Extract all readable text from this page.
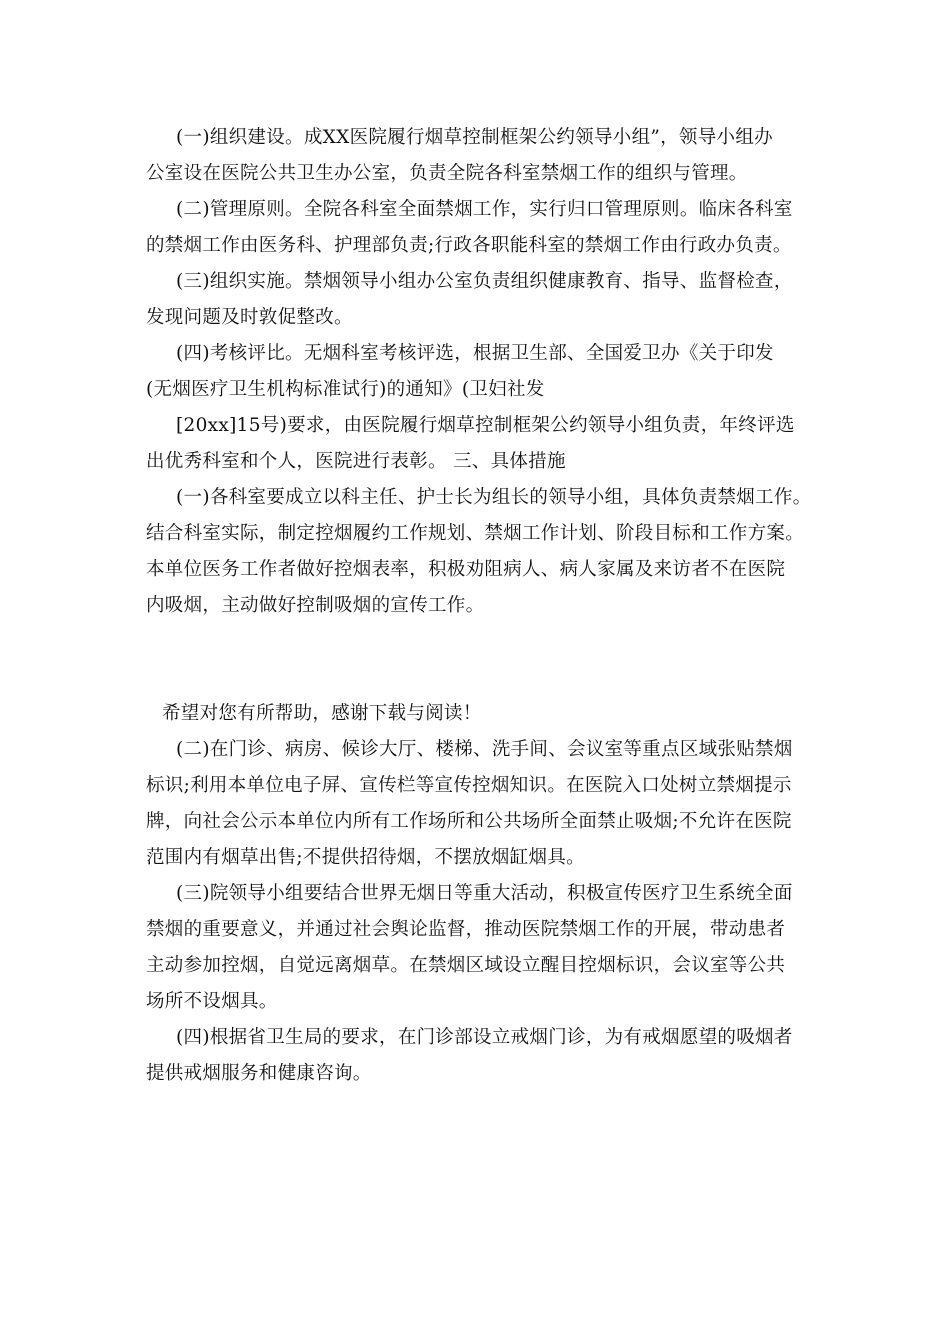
(一)组织建设。成XX医院履行烟草控制框架公约领导小组”，领导小组办
公室设在医院公共卫生办公室，负责全院各科室禁烟工作的组织与管理。
(二)管理原则。全院各科室全面禁烟工作，实行归口管理原则。临床各科室
的禁烟工作由医务科、护理部负责;行政各职能科室的禁烟工作由行政办负责。
(三)组织实施。禁烟领导小组办公室负责组织健康教育、指导、监督检查，
发现问题及时敦促整改。
(四)考核评比。无烟科室考核评选，根据卫生部、全国爱卫办《关于印发
(无烟医疗卫生机构标准试行)的通知》(卫妇社发
[20xx]15号)要求，由医院履行烟草控制框架公约领导小组负责，年终评选
出优秀科室和个人，医院进行表彰。 三、具体措施
(一)各科室要成立以科主任、护士长为组长的领导小组，具体负责禁烟工作。
结合科室实际，制定控烟履约工作规划、禁烟工作计划、阶段目标和工作方案。
本单位医务工作者做好控烟表率，积极劝阻病人、病人家属及来访者不在医院
内吸烟，主动做好控制吸烟的宣传工作。
希望对您有所帮助，感谢下载与阅读！
(二)在门诊、病房、候诊大厅、楼梯、洗手间、会议室等重点区域张贴禁烟
标识;利用本单位电子屏、宣传栏等宣传控烟知识。在医院入口处树立禁烟提示
牌，向社会公示本单位内所有工作场所和公共场所全面禁止吸烟;不允许在医院
范围内有烟草出售;不提供招待烟，不摆放烟缸烟具。
(三)院领导小组要结合世界无烟日等重大活动，积极宣传医疗卫生系统全面
禁烟的重要意义，并通过社会舆论监督，推动医院禁烟工作的开展，带动患者
主动参加控烟，自觉远离烟草。在禁烟区域设立醒目控烟标识，会议室等公共
场所不设烟具。
(四)根据省卫生局的要求，在门诊部设立戒烟门诊，为有戒烟愿望的吸烟者
提供戒烟服务和健康咨询。
